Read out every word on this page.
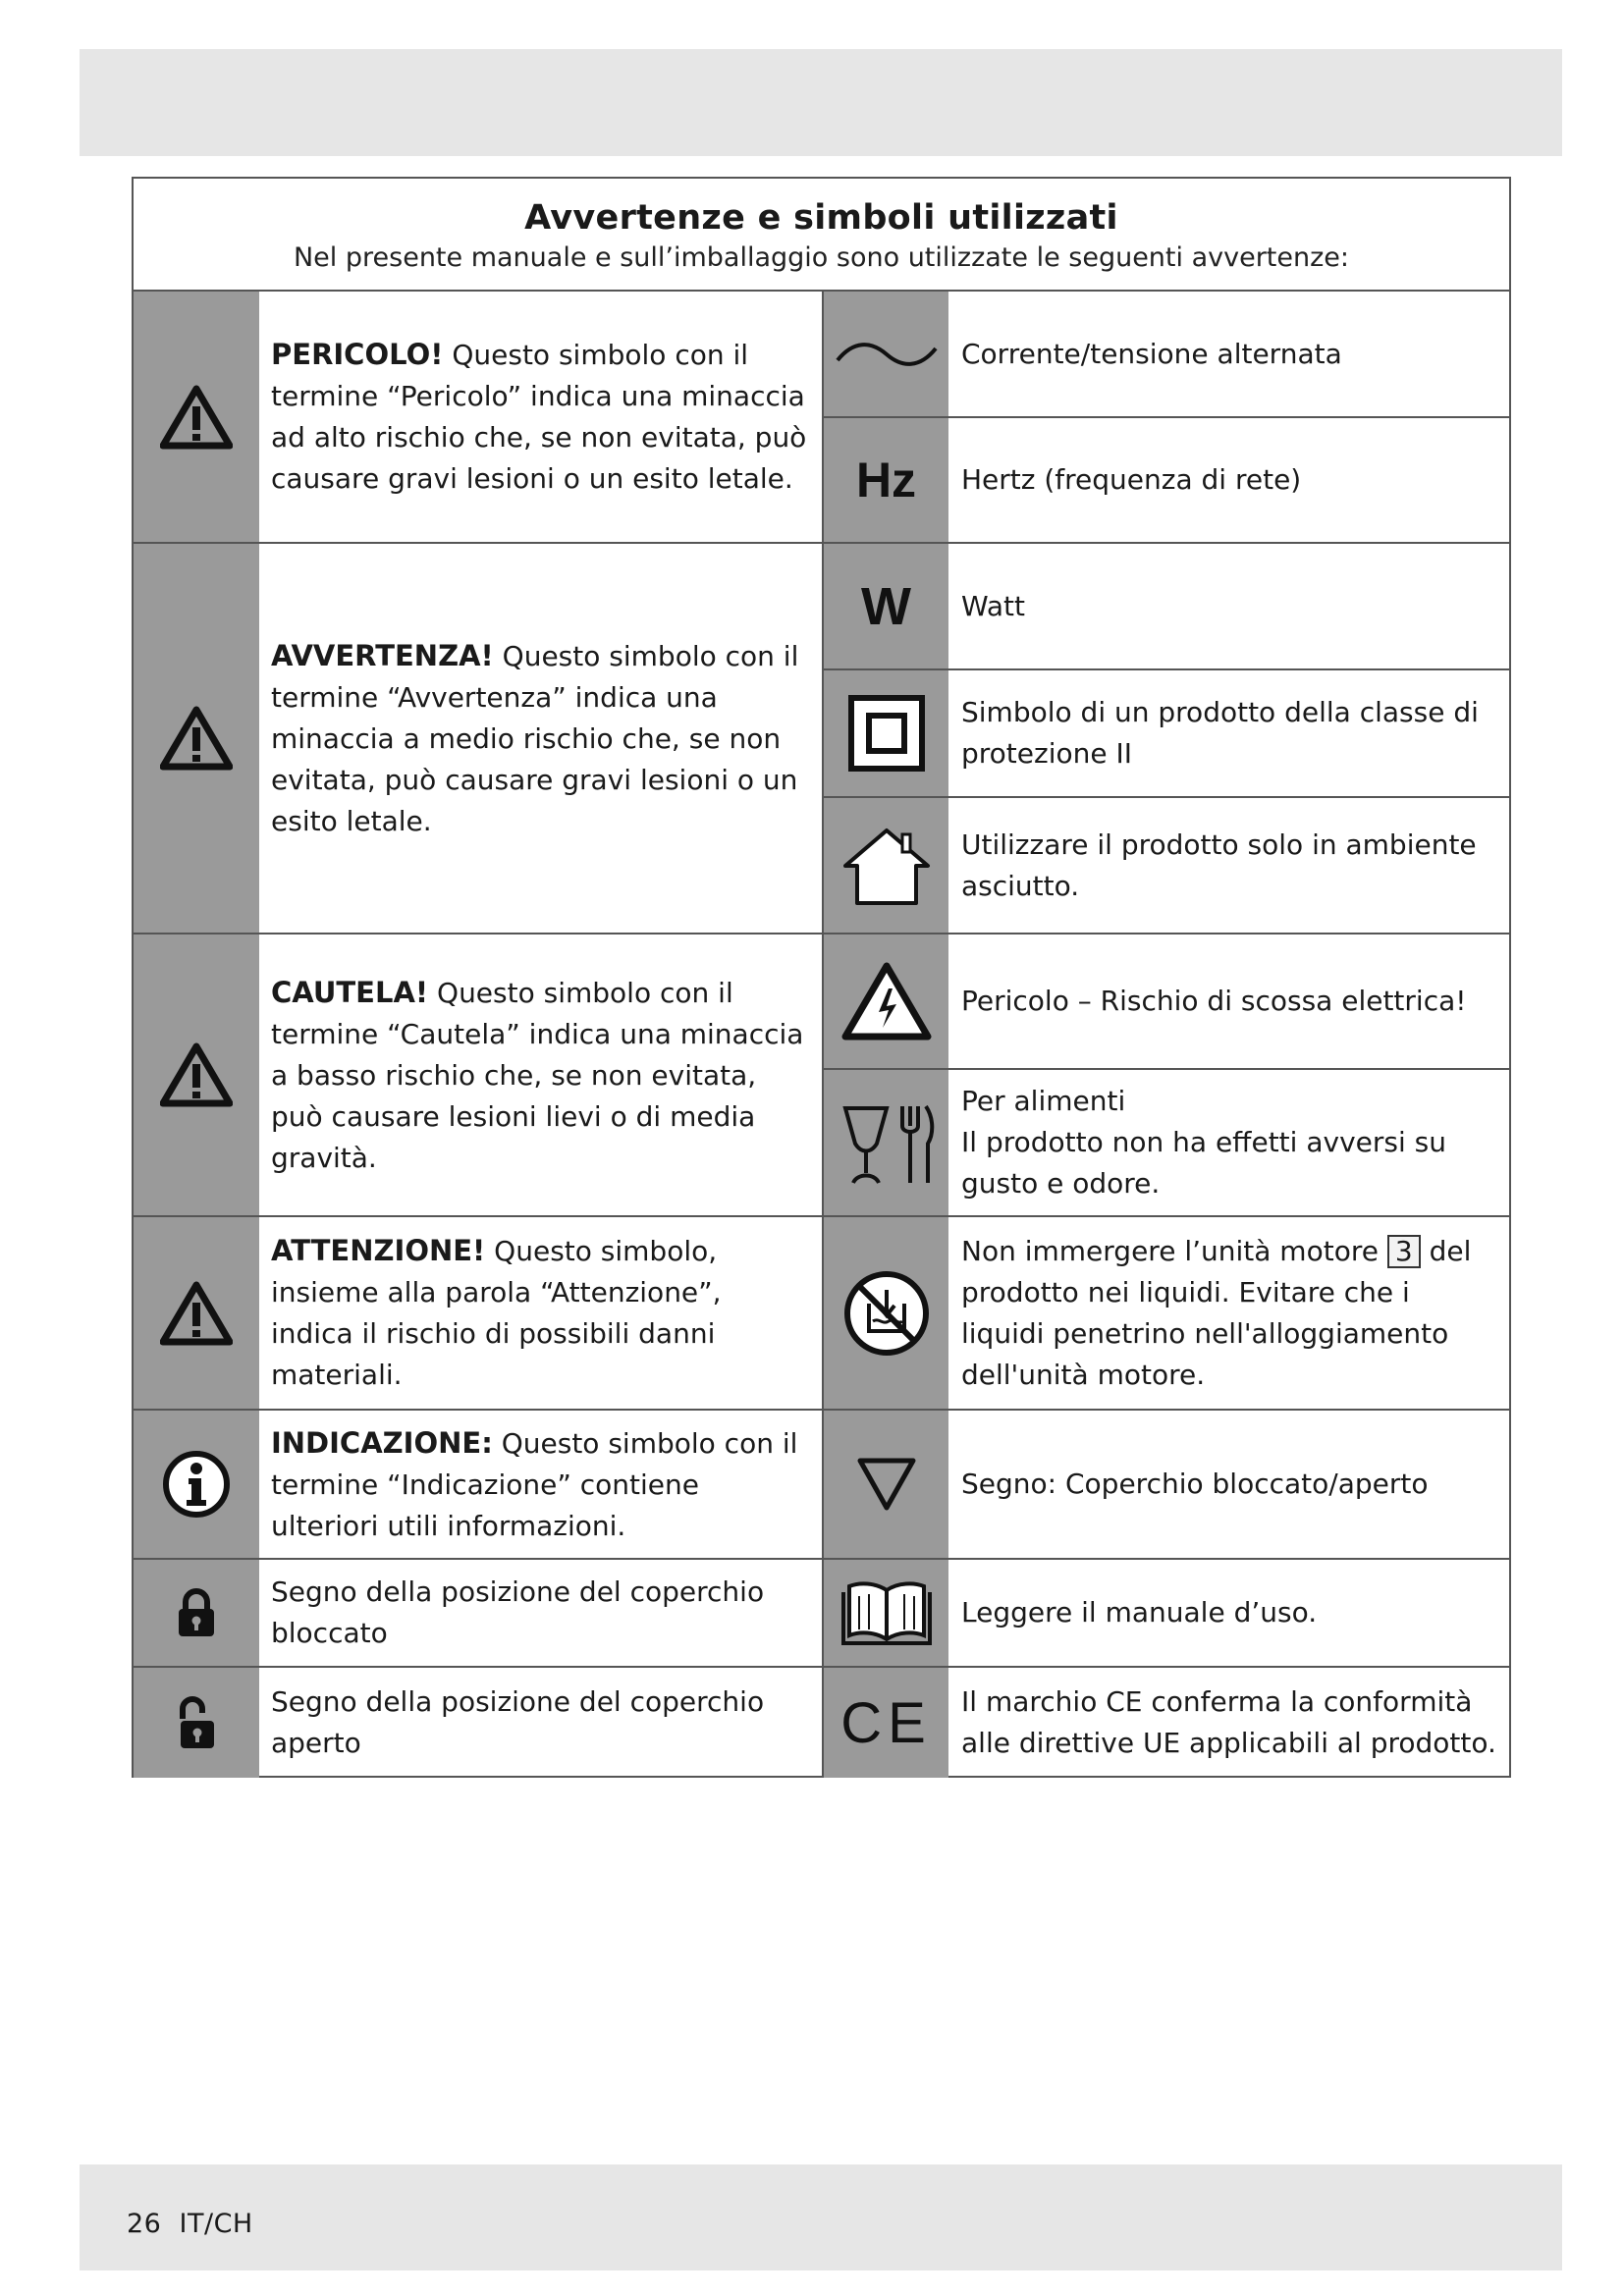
Avvertenze e simboli utilizzati
Nel presente manuale e sull’imballaggio sono utilizzate le seguenti avvertenze:
PERICOLO! Questo simbolo con il termine “Pericolo” indica una minaccia ad alto rischio che, se non evitata, può causare gravi lesioni o un esito letale.
AVVERTENZA! Questo simbolo con il termine “Avvertenza” indica una minaccia a medio rischio che, se non evitata, può causare gravi lesioni o un esito letale.
CAUTELA! Questo simbolo con il termine “Cautela” indica una minaccia a basso rischio che, se non evitata, può causare lesioni lievi o di media gravità.
ATTENZIONE! Questo simbolo, insieme alla parola “Attenzione”, indica il rischio di possibili danni materiali.
INDICAZIONE: Questo simbolo con il termine “Indicazione” contiene ulteriori utili informazioni.
Segno della posizione del coperchio bloccato
Segno della posizione del coperchio aperto
Corrente/tensione alternata
Hz Hertz (frequenza di rete)
W Watt
Simbolo di un prodotto della classe di protezione II
Utilizzare il prodotto solo in ambiente asciutto.
Pericolo – Rischio di scossa elettrica!
Per alimenti
Il prodotto non ha effetti avversi su gusto e odore.
Non immergere l’unità motore 3 del prodotto nei liquidi. Evitare che i liquidi penetrino nell'alloggiamento dell'unità motore.
Segno: Coperchio bloccato/aperto
Leggere il manuale d’uso.
CE Il marchio CE conferma la conformità alle direttive UE applicabili al prodotto.
26 IT/CH
